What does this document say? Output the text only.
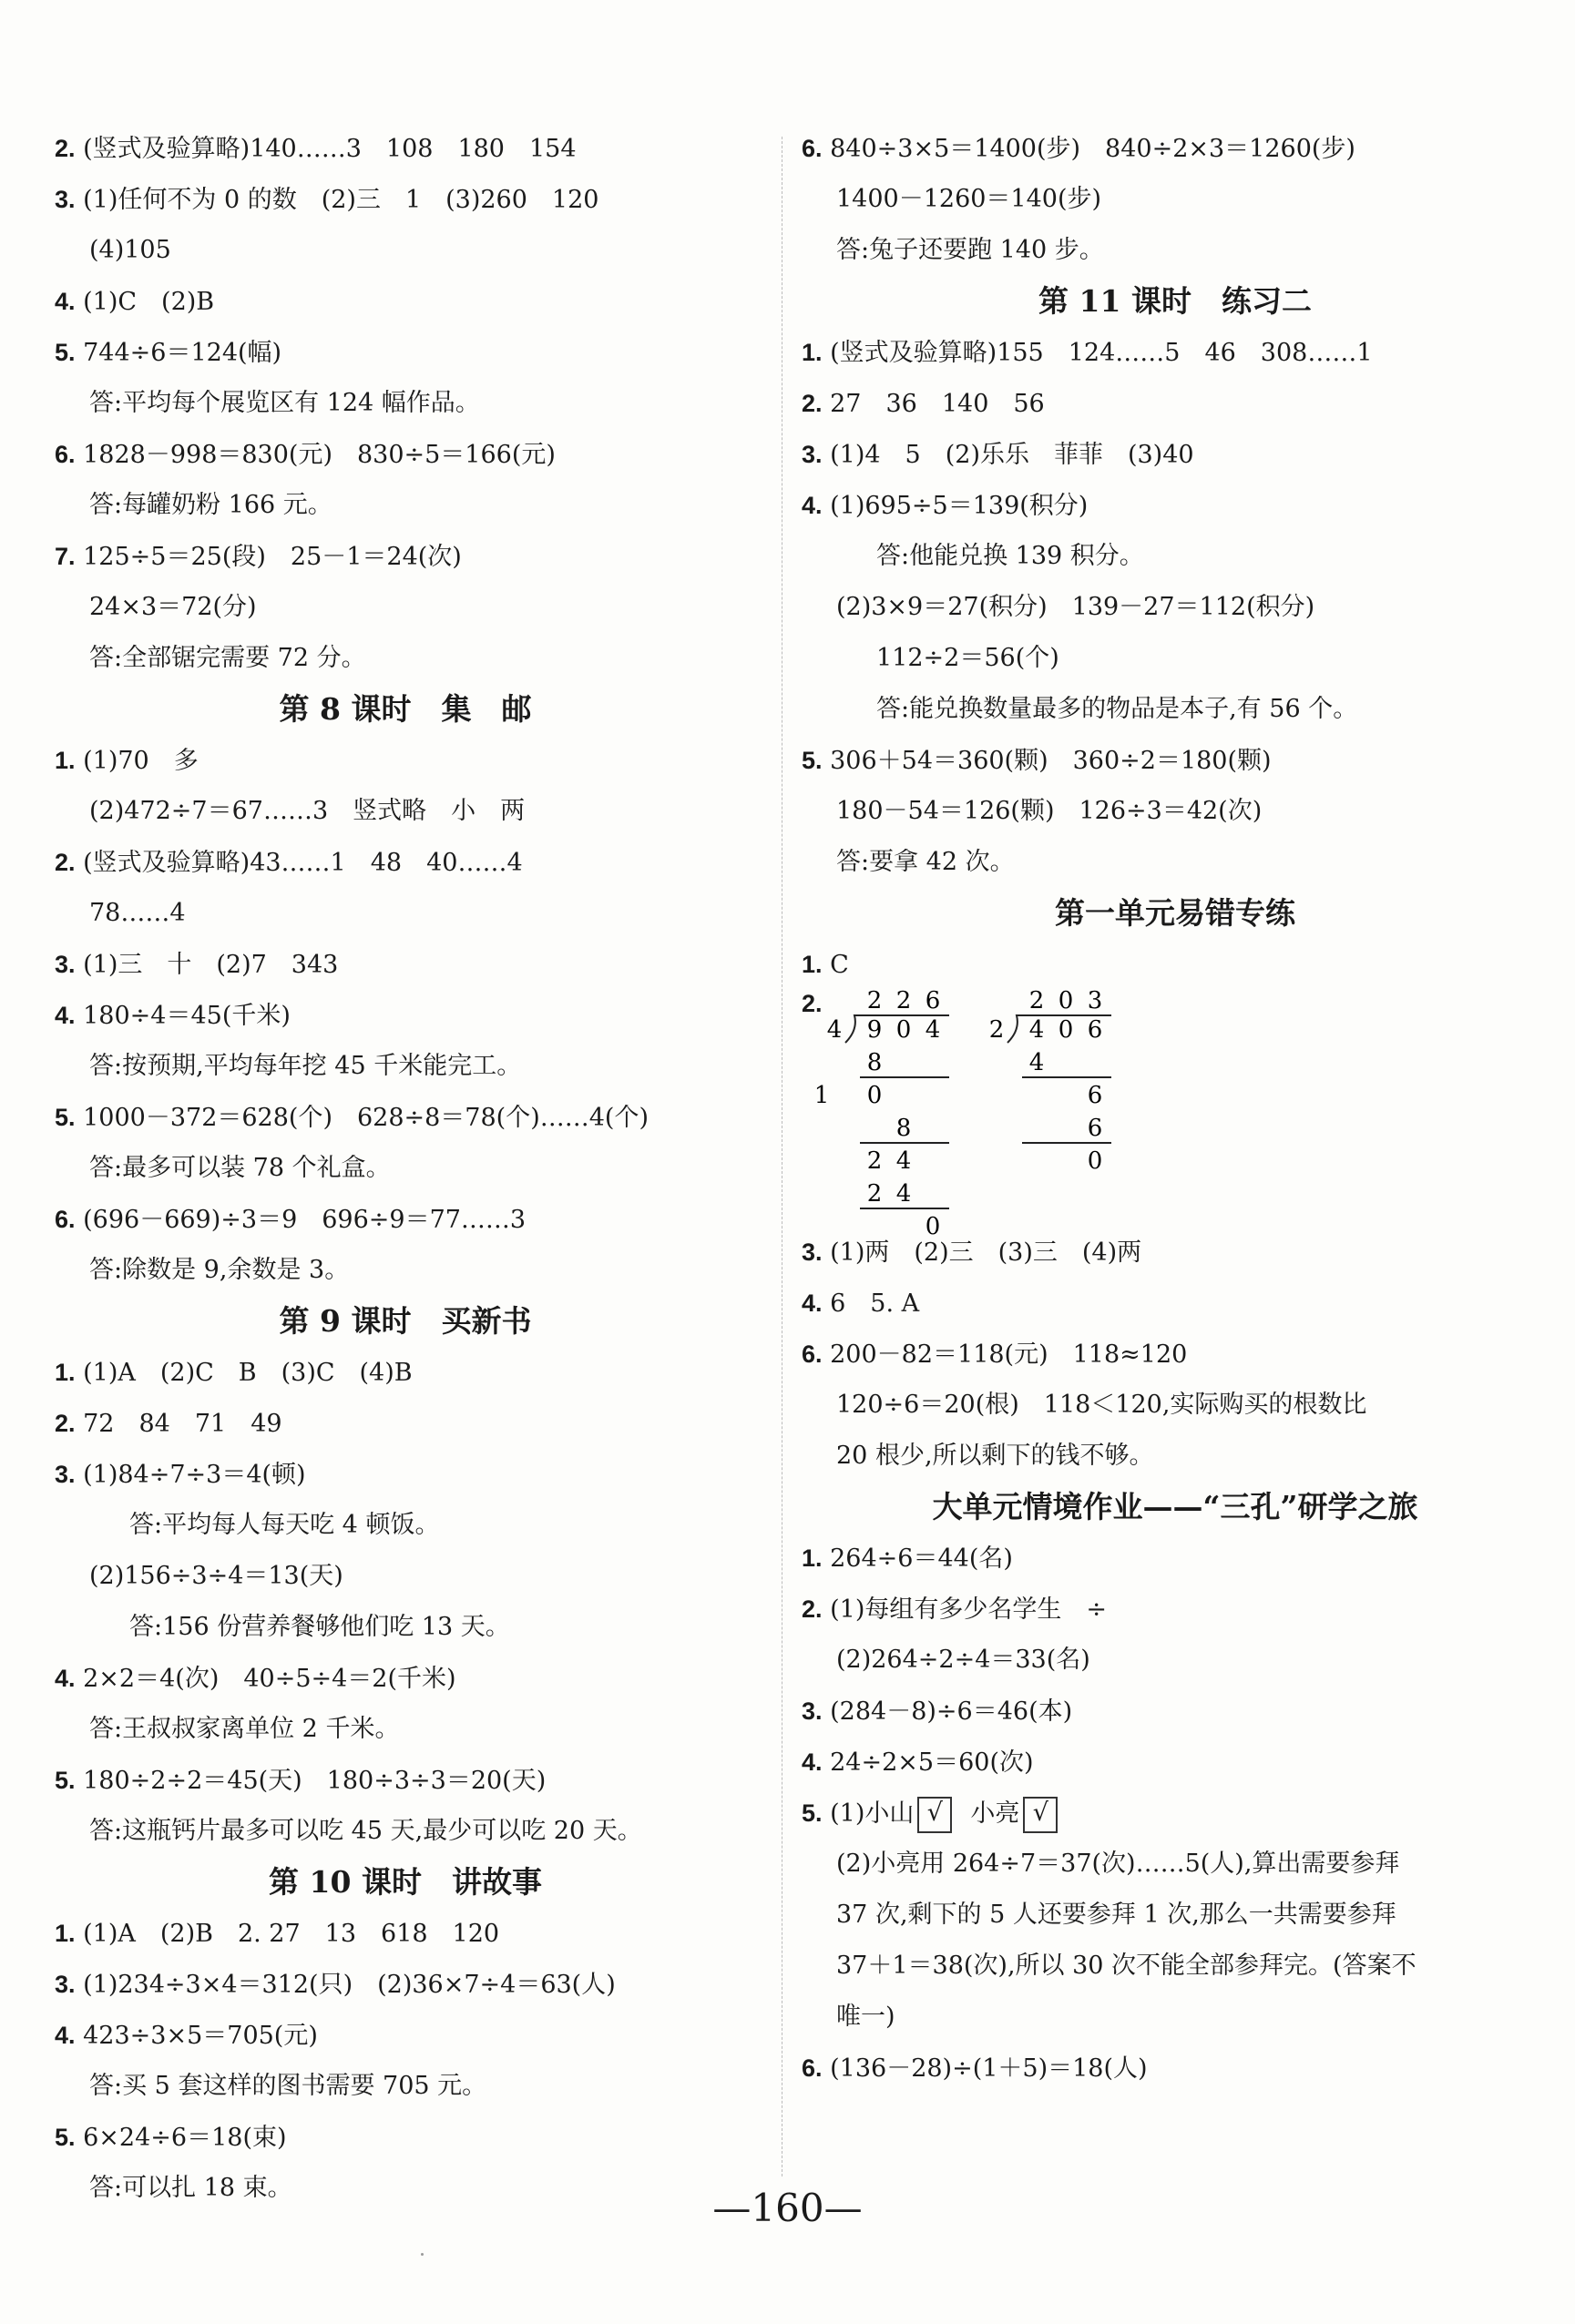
2. (竖式及验算略)140……3　108　180　154
3. (1)任何不为 0 的数　(2)三　1　(3)260　120
(4)105
4. (1)C　(2)B
5. 744÷6＝124(幅)
答:平均每个展览区有 124 幅作品。
6. 1828－998＝830(元)　830÷5＝166(元)
答:每罐奶粉 166 元。
7. 125÷5＝25(段)　25－1＝24(次)
24×3＝72(分)
答:全部锯完需要 72 分。
第 8 课时　集　邮
1. (1)70　多
(2)472÷7＝67……3　竖式略　小　两
2. (竖式及验算略)43……1　48　40……4
78……4
3. (1)三　十　(2)7　343
4. 180÷4＝45(千米)
答:按预期,平均每年挖 45 千米能完工。
5. 1000－372＝628(个)　628÷8＝78(个)……4(个)
答:最多可以装 78 个礼盒。
6. (696－669)÷3＝9　696÷9＝77……3
答:除数是 9,余数是 3。
第 9 课时　买新书
1. (1)A　(2)C　B　(3)C　(4)B
2. 72　84　71　49
3. (1)84÷7÷3＝4(顿)
答:平均每人每天吃 4 顿饭。
(2)156÷3÷4＝13(天)
答:156 份营养餐够他们吃 13 天。
4. 2×2＝4(次)　40÷5÷4＝2(千米)
答:王叔叔家离单位 2 千米。
5. 180÷2÷2＝45(天)　180÷3÷3＝20(天)
答:这瓶钙片最多可以吃 45 天,最少可以吃 20 天。
第 10 课时　讲故事
1. (1)A　(2)B　2. 27　13　618　120
3. (1)234÷3×4＝312(只)　(2)36×7÷4＝63(人)
4. 423÷3×5＝705(元)
答:买 5 套这样的图书需要 705 元。
5. 6×24÷6＝18(束)
答:可以扎 18 束。
6. 840÷3×5＝1400(步)　840÷2×3＝1260(步)
1400－1260＝140(步)
答:兔子还要跑 140 步。
第 11 课时　练习二
1. (竖式及验算略)155　124……5　46　308……1
2. 27　36　140　56
3. (1)4　5　(2)乐乐　菲菲　(3)40
4. (1)695÷5＝139(积分)
答:他能兑换 139 积分。
(2)3×9＝27(积分)　139－27＝112(积分)
112÷2＝56(个)
答:能兑换数量最多的物品是本子,有 56 个。
5. 306＋54＝360(颗)　360÷2＝180(颗)
180－54＝126(颗)　126÷3＝42(次)
答:要拿 42 次。
第一单元易错专练
1. C
2. 2 2 6
4 9 0 4
8
1 0
8
2 4
2 4
0
2 0 3
2 4 0 6
4
6
6
0
3. (1)两　(2)三　(3)三　(4)两
4. 6　5. A
6. 200－82＝118(元)　118≈120
120÷6＝20(根)　118＜120,实际购买的根数比
20 根少,所以剩下的钱不够。
大单元情境作业——“三孔”研学之旅
1. 264÷6＝44(名)
2. (1)每组有多少名学生　÷
(2)264÷2÷4＝33(名)
3. (284－8)÷6＝46(本)
4. 24÷2×5＝60(次)
5. (1)小山 √ 小亮 √
(2)小亮用 264÷7＝37(次)……5(人),算出需要参拜
37 次,剩下的 5 人还要参拜 1 次,那么一共需要参拜
37＋1＝38(次),所以 30 次不能全部参拜完。(答案不
唯一)
6. (136－28)÷(1＋5)＝18(人)
—160—
